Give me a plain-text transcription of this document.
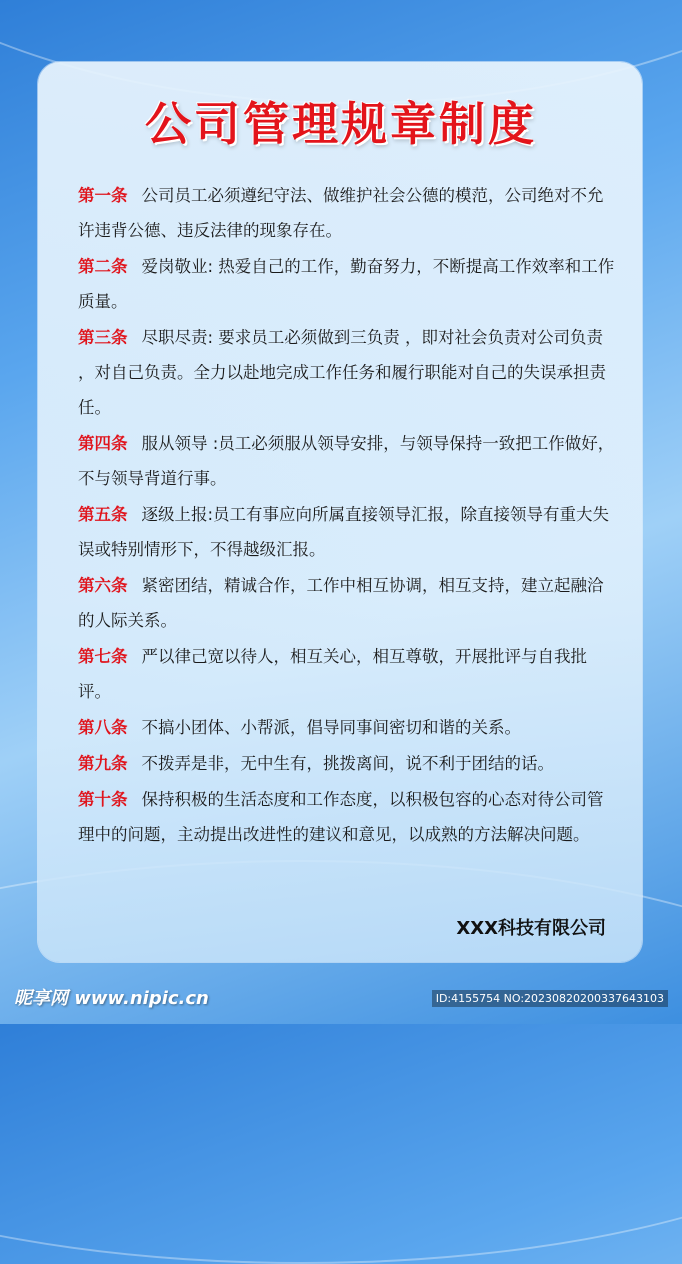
公司管理规章制度
第一条 公司员工必须遵纪守法、做维护社会公德的模范，公司绝对不允许违背公德、违反法律的现象存在。
第二条 爱岗敬业: 热爱自己的工作，勤奋努力，不断提高工作效率和工作质量。
第三条 尽职尽责: 要求员工必须做到三负责 ，即对社会负责对公司负责 ，对自己负责。全力以赴地完成工作任务和履行职能对自己的失误承担责任。
第四条 服从领导 :员工必须服从领导安排，与领导保持一致把工作做好，不与领导背道行事。
第五条 逐级上报:员工有事应向所属直接领导汇报，除直接领导有重大失误或特别情形下，不得越级汇报。
第六条 紧密团结，精诚合作，工作中相互协调，相互支持，建立起融洽的人际关系。
第七条 严以律己宽以待人，相互关心，相互尊敬，开展批评与自我批评。
第八条 不搞小团体、小帮派，倡导同事间密切和谐的关系。
第九条 不拨弄是非，无中生有，挑拨离间，说不利于团结的话。
第十条 保持积极的生活态度和工作态度，以积极包容的心态对待公司管理中的问题，主动提出改进性的建议和意见，以成熟的方法解决问题。
XXX科技有限公司
昵享网 www.nipic.cn	ID:4155754 NO:20230820200337643103
